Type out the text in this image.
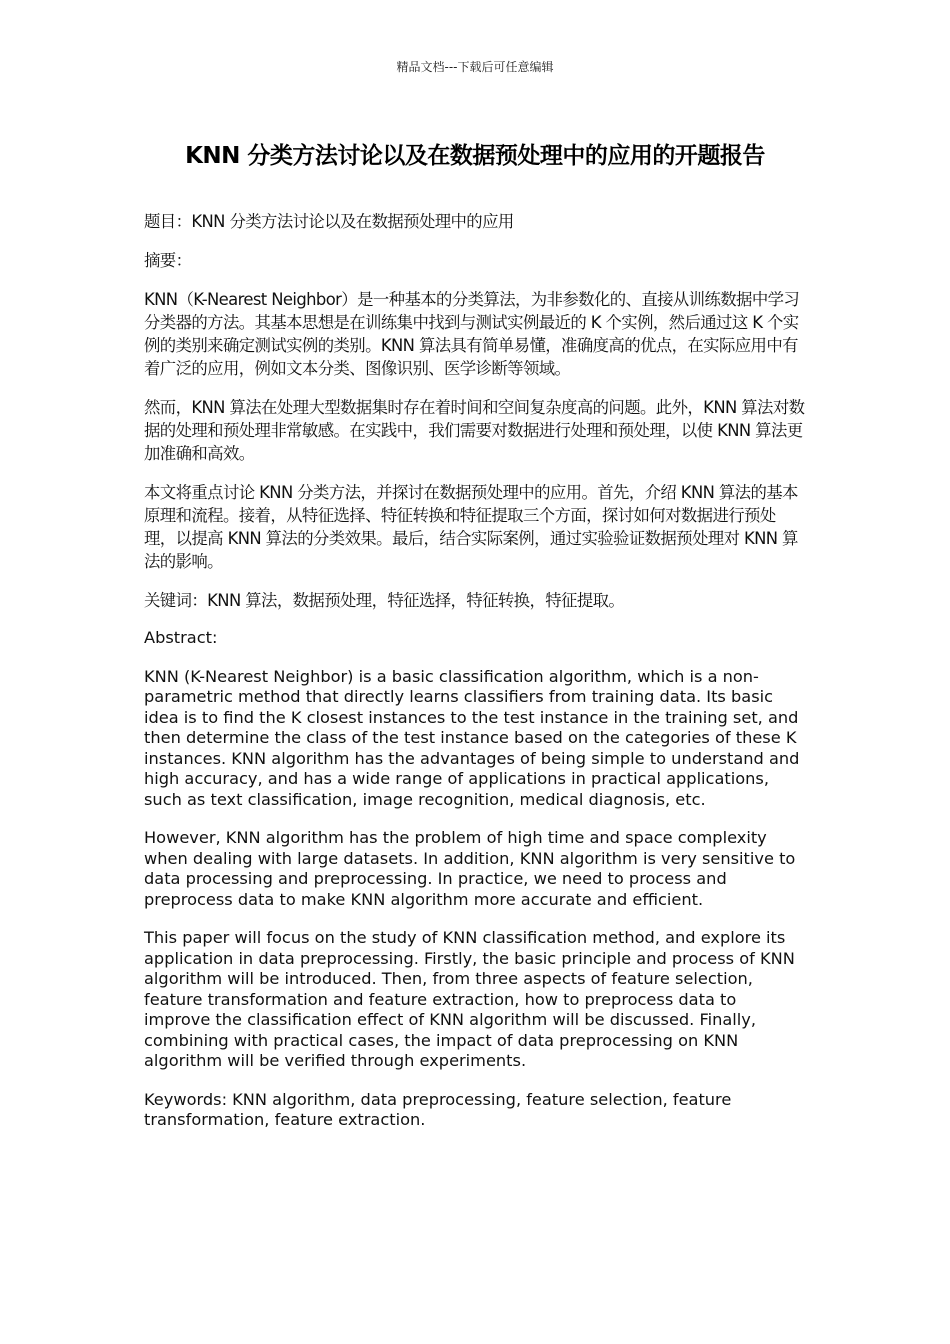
精品文档---下载后可任意编辑
KNN 分类方法讨论以及在数据预处理中的应用的开题报告

题目：KNN 分类方法讨论以及在数据预处理中的应用

摘要：

KNN（K-Nearest Neighbor）是一种基本的分类算法，为非参数化的、直接从训练数据中学习分类器的方法。其基本思想是在训练集中找到与测试实例最近的 K 个实例，然后通过这 K 个实例的类别来确定测试实例的类别。KNN 算法具有简单易懂，准确度高的优点，在实际应用中有着广泛的应用，例如文本分类、图像识别、医学诊断等领域。

然而，KNN 算法在处理大型数据集时存在着时间和空间复杂度高的问题。此外，KNN 算法对数据的处理和预处理非常敏感。在实践中，我们需要对数据进行处理和预处理，以使 KNN 算法更加准确和高效。

本文将重点讨论 KNN 分类方法，并探讨在数据预处理中的应用。首先，介绍 KNN 算法的基本原理和流程。接着，从特征选择、特征转换和特征提取三个方面，探讨如何对数据进行预处理，以提高 KNN 算法的分类效果。最后，结合实际案例，通过实验验证数据预处理对 KNN 算法的影响。

关键词：KNN 算法，数据预处理，特征选择，特征转换，特征提取。

Abstract:

KNN (K-Nearest Neighbor) is a basic classification algorithm, which is a non-parametric method that directly learns classifiers from training data. Its basic idea is to find the K closest instances to the test instance in the training set, and then determine the class of the test instance based on the categories of these K instances. KNN algorithm has the advantages of being simple to understand and high accuracy, and has a wide range of applications in practical applications, such as text classification, image recognition, medical diagnosis, etc.

However, KNN algorithm has the problem of high time and space complexity when dealing with large datasets. In addition, KNN algorithm is very sensitive to data processing and preprocessing. In practice, we need to process and preprocess data to make KNN algorithm more accurate and efficient.

This paper will focus on the study of KNN classification method, and explore its application in data preprocessing. Firstly, the basic principle and process of KNN algorithm will be introduced. Then, from three aspects of feature selection, feature transformation and feature extraction, how to preprocess data to improve the classification effect of KNN algorithm will be discussed. Finally, combining with practical cases, the impact of data preprocessing on KNN algorithm will be verified through experiments.

Keywords: KNN algorithm, data preprocessing, feature selection, feature transformation, feature extraction.
